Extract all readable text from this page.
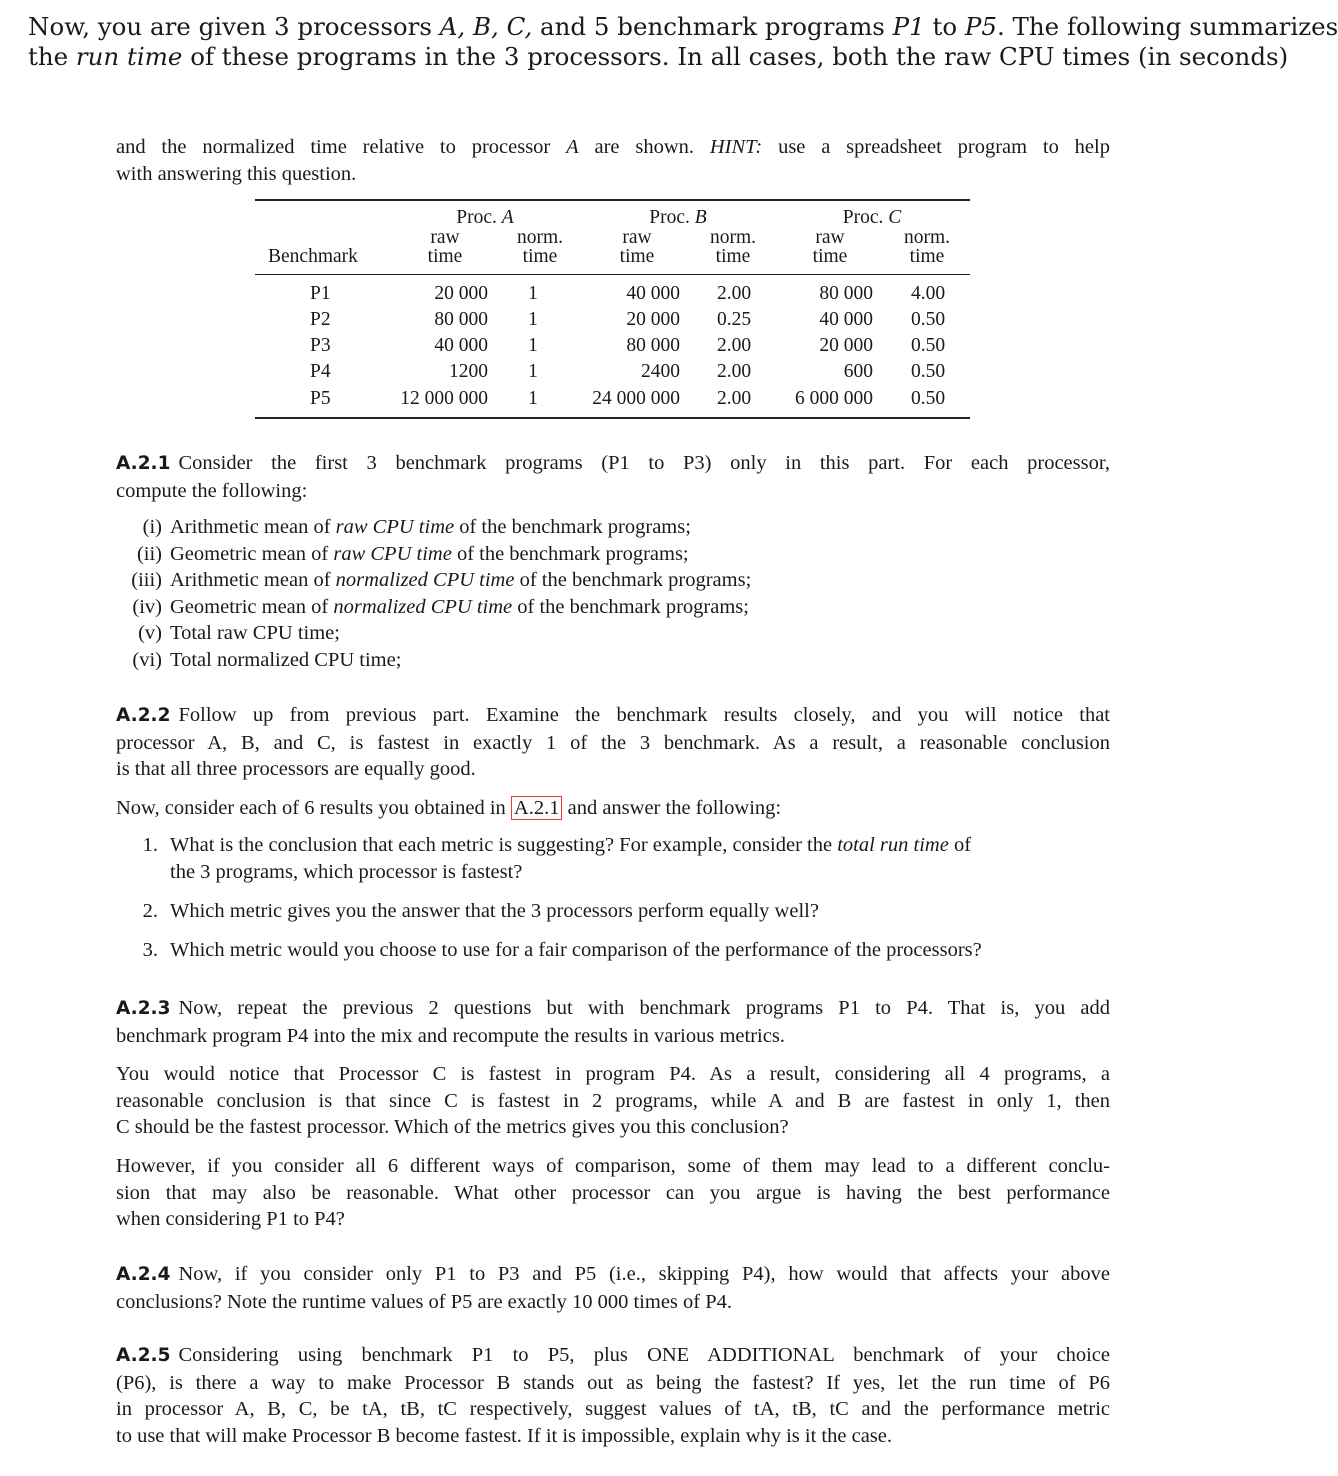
Now, you are given 3 processors A, B, C, and 5 benchmark programs P1 to P5. The following summarizes
the run time of these programs in the 3 processors. In all cases, both the raw CPU times (in seconds)
and the normalized time relative to processor A are shown. HINT: use a spreadsheet program to help
with answering this question.
Proc. A	Proc. B	Proc. C
raw	norm.	raw	norm.	raw	norm.
Benchmark	time	time	time	time	time	time
P1	20 000	1	40 000	2.00	80 000	4.00
P2	80 000	1	20 000	0.25	40 000	0.50
P3	40 000	1	80 000	2.00	20 000	0.50
P4	1200	1	2400	2.00	600	0.50
P5	12 000 000	1	24 000 000	2.00	6 000 000	0.50
A.2.1 Consider the first 3 benchmark programs (P1 to P3) only in this part. For each processor,
compute the following:
(i) Arithmetic mean of raw CPU time of the benchmark programs;
(ii) Geometric mean of raw CPU time of the benchmark programs;
(iii) Arithmetic mean of normalized CPU time of the benchmark programs;
(iv) Geometric mean of normalized CPU time of the benchmark programs;
(v) Total raw CPU time;
(vi) Total normalized CPU time;
A.2.2 Follow up from previous part. Examine the benchmark results closely, and you will notice that
processor A, B, and C, is fastest in exactly 1 of the 3 benchmark. As a result, a reasonable conclusion
is that all three processors are equally good.
Now, consider each of 6 results you obtained in A.2.1 and answer the following:
1. What is the conclusion that each metric is suggesting? For example, consider the total run time of
the 3 programs, which processor is fastest?
2. Which metric gives you the answer that the 3 processors perform equally well?
3. Which metric would you choose to use for a fair comparison of the performance of the processors?
A.2.3 Now, repeat the previous 2 questions but with benchmark programs P1 to P4. That is, you add
benchmark program P4 into the mix and recompute the results in various metrics.
You would notice that Processor C is fastest in program P4. As a result, considering all 4 programs, a
reasonable conclusion is that since C is fastest in 2 programs, while A and B are fastest in only 1, then
C should be the fastest processor. Which of the metrics gives you this conclusion?
However, if you consider all 6 different ways of comparison, some of them may lead to a different conclu-
sion that may also be reasonable. What other processor can you argue is having the best performance
when considering P1 to P4?
A.2.4 Now, if you consider only P1 to P3 and P5 (i.e., skipping P4), how would that affects your above
conclusions? Note the runtime values of P5 are exactly 10 000 times of P4.
A.2.5 Considering using benchmark P1 to P5, plus ONE ADDITIONAL benchmark of your choice
(P6), is there a way to make Processor B stands out as being the fastest? If yes, let the run time of P6
in processor A, B, C, be tA, tB, tC respectively, suggest values of tA, tB, tC and the performance metric
to use that will make Processor B become fastest. If it is impossible, explain why is it the case.
